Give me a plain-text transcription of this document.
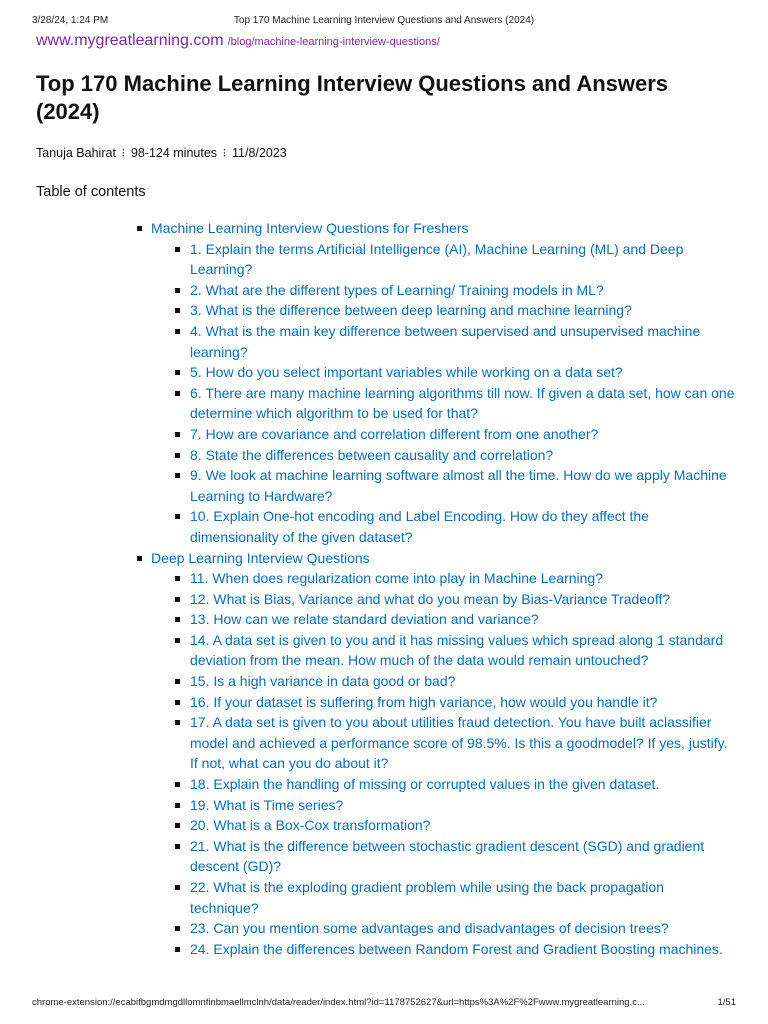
3/28/24, 1:24 PM	Top 170 Machine Learning Interview Questions and Answers (2024)
www.mygreatlearning.com /blog/machine-learning-interview-questions/
Top 170 Machine Learning Interview Questions and Answers (2024)
Tanuja Bahirat ⁝ 98-124 minutes ⁝ 11/8/2023
Table of contents
Machine Learning Interview Questions for Freshers
1. Explain the terms Artificial Intelligence (AI), Machine Learning (ML) and Deep Learning?
2. What are the different types of Learning/ Training models in ML?
3. What is the difference between deep learning and machine learning?
4. What is the main key difference between supervised and unsupervised machine learning?
5. How do you select important variables while working on a data set?
6. There are many machine learning algorithms till now. If given a data set, how can one determine which algorithm to be used for that?
7. How are covariance and correlation different from one another?
8. State the differences between causality and correlation?
9. We look at machine learning software almost all the time. How do we apply Machine Learning to Hardware?
10. Explain One-hot encoding and Label Encoding. How do they affect the dimensionality of the given dataset?
Deep Learning Interview Questions
11. When does regularization come into play in Machine Learning?
12. What is Bias, Variance and what do you mean by Bias-Variance Tradeoff?
13. How can we relate standard deviation and variance?
14. A data set is given to you and it has missing values which spread along 1 standard deviation from the mean. How much of the data would remain untouched?
15. Is a high variance in data good or bad?
16. If your dataset is suffering from high variance, how would you handle it?
17. A data set is given to you about utilities fraud detection. You have built aclassifier model and achieved a performance score of 98.5%. Is this a goodmodel? If yes, justify. If not, what can you do about it?
18. Explain the handling of missing or corrupted values in the given dataset.
19. What is Time series?
20. What is a Box-Cox transformation?
21. What is the difference between stochastic gradient descent (SGD) and gradient descent (GD)?
22. What is the exploding gradient problem while using the back propagation technique?
23. Can you mention some advantages and disadvantages of decision trees?
24. Explain the differences between Random Forest and Gradient Boosting machines.
chrome-extension://ecabifbgmdmgdllomnfinbmaellmclnh/data/reader/index.html?id=1178752627&url=https%3A%2F%2Fwww.mygreatlearning.c...	1/51
